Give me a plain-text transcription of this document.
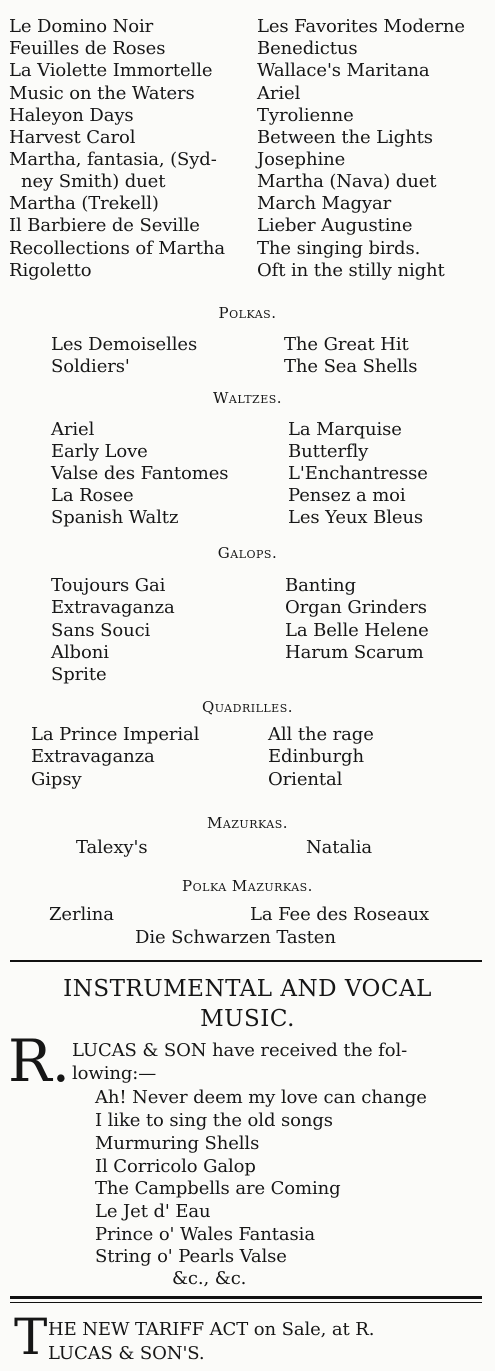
Le Domino Noir
Feuilles de Roses
La Violette Immortelle
Music on the Waters
Haleyon Days
Harvest Carol
Martha, fantasia, (Syd-
ney Smith) duet
Martha (Trekell)
Il Barbiere de Seville
Recollections of Martha
Rigoletto
Les Favorites Moderne
Benedictus
Wallace's Maritana
Ariel
Tyrolienne
Between the Lights
Josephine
Martha (Nava) duet
March Magyar
Lieber Augustine
The singing birds.
Oft in the stilly night
Polkas.
Les Demoiselles
Soldiers'
The Great Hit
The Sea Shells
Waltzes.
Ariel
Early Love
Valse des Fantomes
La Rosee
Spanish Waltz
La Marquise
Butterfly
L'Enchantresse
Pensez a moi
Les Yeux Bleus
Galops.
Toujours Gai
Extravaganza
Sans Souci
Alboni
Sprite
Banting
Organ Grinders
La Belle Helene
Harum Scarum
Quadrilles.
La Prince Imperial
Extravaganza
Gipsy
All the rage
Edinburgh
Oriental
Mazurkas.
Talexy's	Natalia
Polka Mazurkas.
Zerlina	La Fee des Roseaux
Die Schwarzen Tasten
INSTRUMENTAL AND VOCAL
MUSIC.
R. LUCAS & SON have received the fol-
lowing:—
Ah! Never deem my love can change
I like to sing the old songs
Murmuring Shells
Il Corricolo Galop
The Campbells are Coming
Le Jet d' Eau
Prince o' Wales Fantasia
String o' Pearls Valse
&c., &c.
T HE NEW TARIFF ACT on Sale, at R.
LUCAS & SON'S.
